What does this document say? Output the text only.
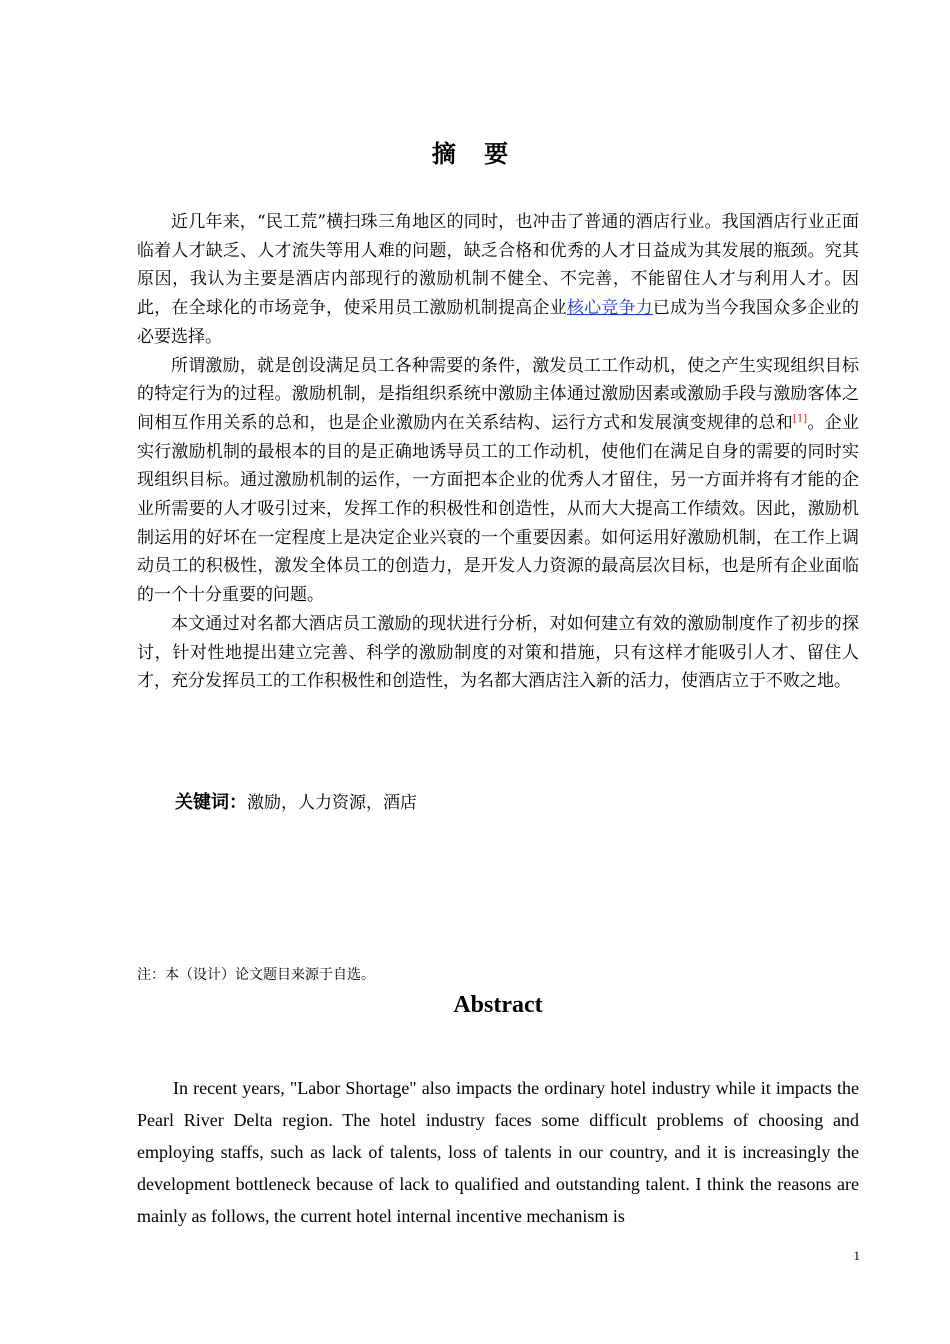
摘 要

近几年来，“民工荒”横扫珠三角地区的同时，也冲击了普通的酒店行业。我国酒店行业正面临着人才缺乏、人才流失等用人难的问题，缺乏合格和优秀的人才日益成为其发展的瓶颈。究其原因，我认为主要是酒店内部现行的激励机制不健全、不完善，不能留住人才与利用人才。因此，在全球化的市场竞争，使采用员工激励机制提高企业核心竞争力已成为当今我国众多企业的必要选择。

所谓激励，就是创设满足员工各种需要的条件，激发员工工作动机，使之产生实现组织目标的特定行为的过程。激励机制，是指组织系统中激励主体通过激励因素或激励手段与激励客体之间相互作用关系的总和，也是企业激励内在关系结构、运行方式和发展演变规律的总和[1]。企业实行激励机制的最根本的目的是正确地诱导员工的工作动机，使他们在满足自身的需要的同时实现组织目标。通过激励机制的运作，一方面把本企业的优秀人才留住，另一方面并将有才能的企业所需要的人才吸引过来，发挥工作的积极性和创造性，从而大大提高工作绩效。因此，激励机制运用的好坏在一定程度上是决定企业兴衰的一个重要因素。如何运用好激励机制，在工作上调动员工的积极性，激发全体员工的创造力，是开发人力资源的最高层次目标，也是所有企业面临的一个十分重要的问题。

本文通过对名都大酒店员工激励的现状进行分析，对如何建立有效的激励制度作了初步的探讨，针对性地提出建立完善、科学的激励制度的对策和措施，只有这样才能吸引人才、留住人才，充分发挥员工的工作积极性和创造性，为名都大酒店注入新的活力，使酒店立于不败之地。

关键词：激励，人力资源，酒店
注：本（设计）论文题目来源于自选。
Abstract

In recent years, "Labor Shortage" also impacts the ordinary hotel industry while it impacts the Pearl River Delta region. The hotel industry faces some difficult problems of choosing and employing staffs, such as lack of talents, loss of talents in our country, and it is increasingly the development bottleneck because of lack to qualified and outstanding talent. I think the reasons are mainly as follows, the current hotel internal incentive mechanism is

1
